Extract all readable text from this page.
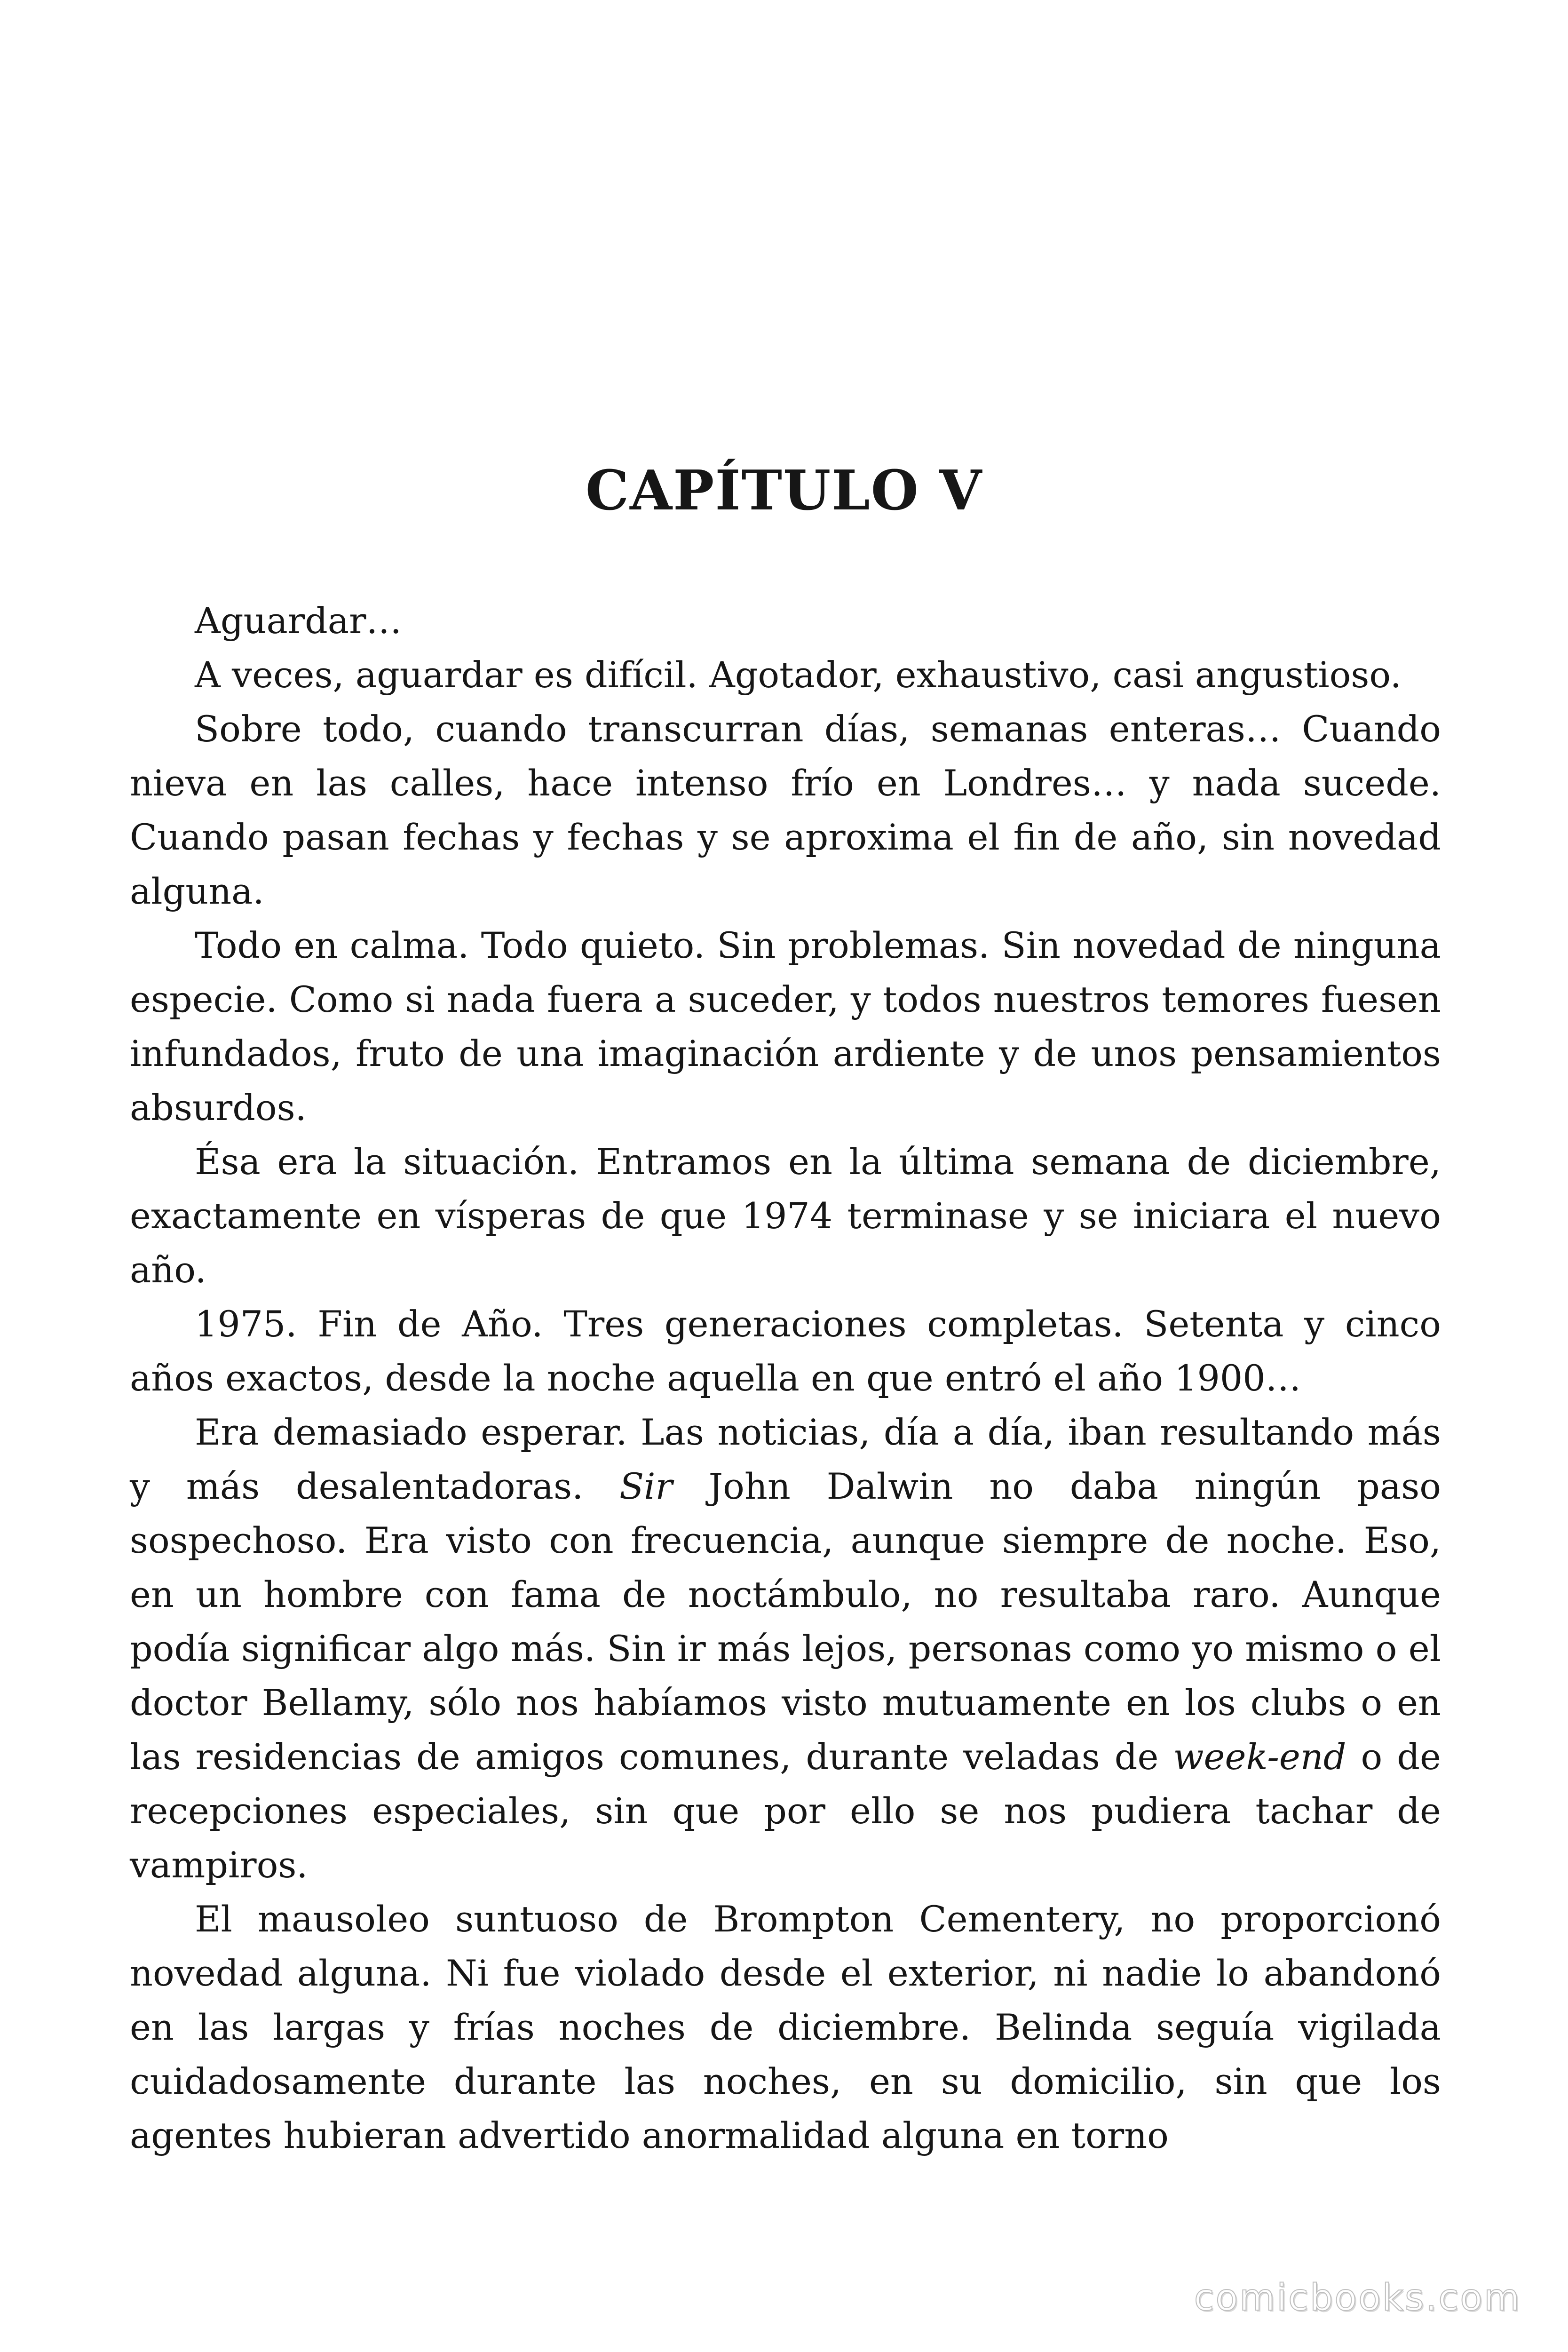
CAPÍTULO V

Aguardar…

A veces, aguardar es difícil. Agotador, exhaustivo, casi angustioso.

Sobre todo, cuando transcurran días, semanas enteras… Cuando nieva en las calles, hace intenso frío en Londres… y nada sucede. Cuando pasan fechas y fechas y se aproxima el fin de año, sin novedad alguna.

Todo en calma. Todo quieto. Sin problemas. Sin novedad de ninguna especie. Como si nada fuera a suceder, y todos nuestros temores fuesen infundados, fruto de una imaginación ardiente y de unos pensamientos absurdos.

Ésa era la situación. Entramos en la última semana de diciembre, exactamente en vísperas de que 1974 terminase y se iniciara el nuevo año.

1975. Fin de Año. Tres generaciones completas. Setenta y cinco años exactos, desde la noche aquella en que entró el año 1900…

Era demasiado esperar. Las noticias, día a día, iban resultando más y más desalentadoras. Sir John Dalwin no daba ningún paso sospechoso. Era visto con frecuencia, aunque siempre de noche. Eso, en un hombre con fama de noctámbulo, no resultaba raro. Aunque podía significar algo más. Sin ir más lejos, personas como yo mismo o el doctor Bellamy, sólo nos habíamos visto mutuamente en los clubs o en las residencias de amigos comunes, durante veladas de week-end o de recepciones especiales, sin que por ello se nos pudiera tachar de vampiros.

El mausoleo suntuoso de Brompton Cementery, no proporcionó novedad alguna. Ni fue violado desde el exterior, ni nadie lo abandonó en las largas y frías noches de diciembre. Belinda seguía vigilada cuidadosamente durante las noches, en su domicilio, sin que los agentes hubieran advertido anormalidad alguna en torno

comicbooks.com
